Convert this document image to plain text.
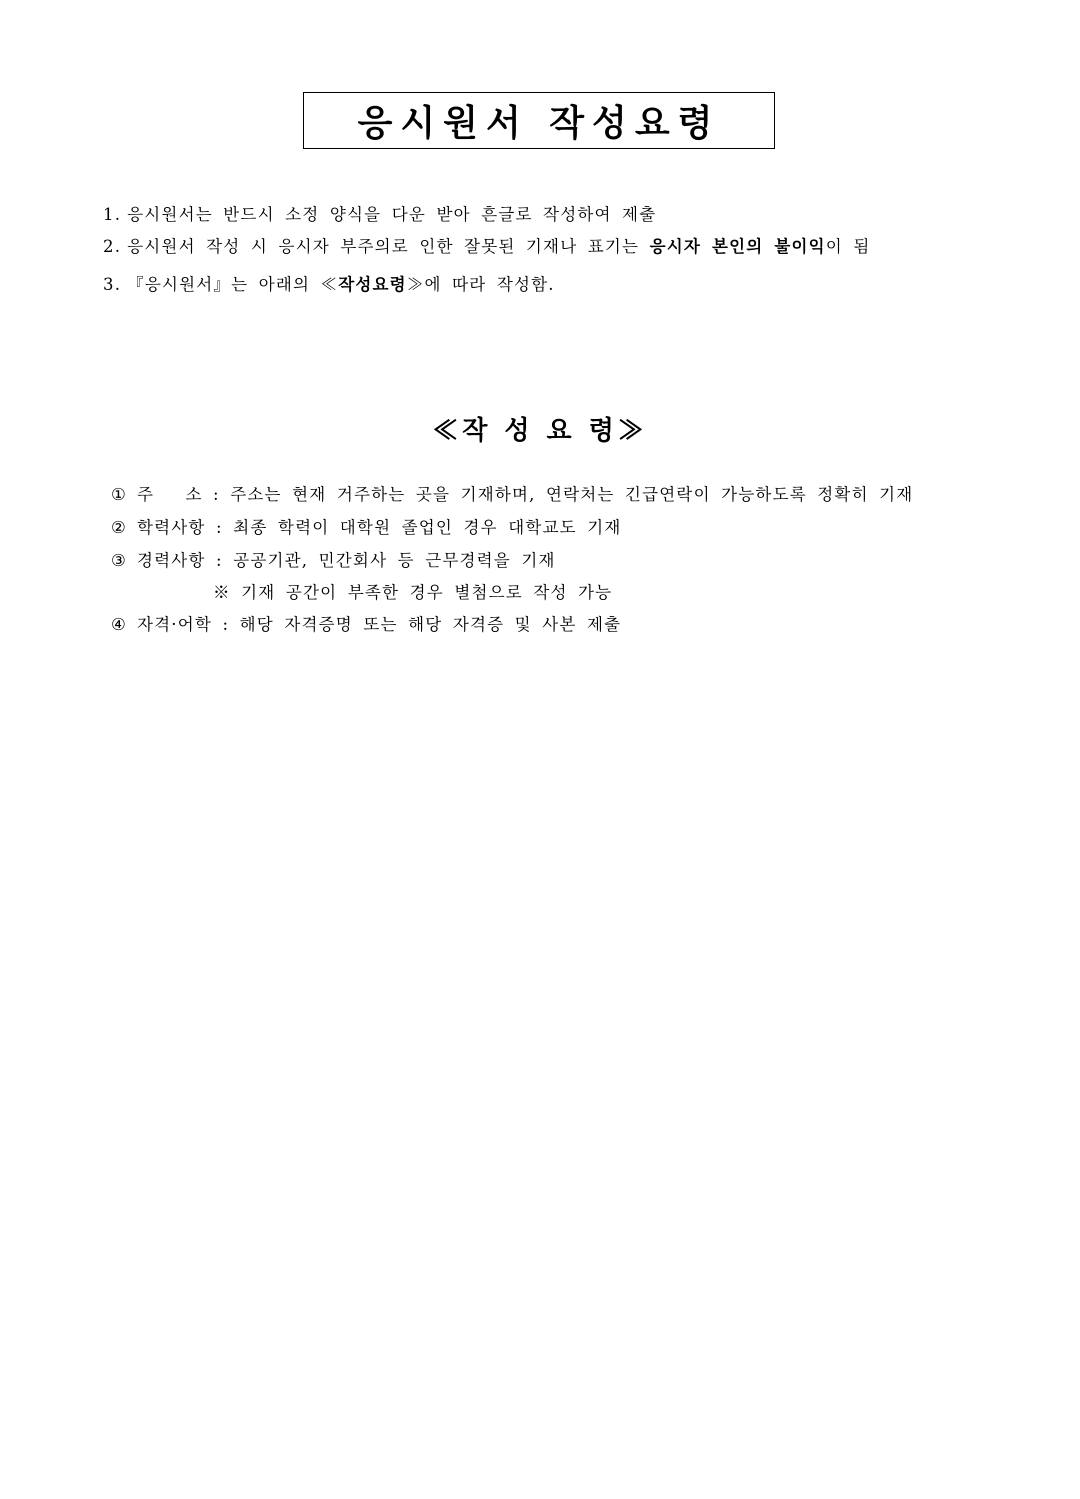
응시원서 작성요령
1. 응시원서는 반드시 소정 양식을 다운 받아 흔글로 작성하여 제출
2. 응시원서 작성 시 응시자 부주의로 인한 잘못된 기재나 표기는 응시자 본인의 불이익이 됨
3. 『응시원서』는 아래의 ≪작성요령≫에 따라 작성함.
≪작 성 요 령≫
① 주   소 : 주소는 현재 거주하는 곳을 기재하며, 연락처는 긴급연락이 가능하도록 정확히 기재
② 학력사항 : 최종 학력이 대학원 졸업인 경우 대학교도 기재
③ 경력사항 : 공공기관, 민간회사 등 근무경력을 기재
※ 기재 공간이 부족한 경우 별첨으로 작성 가능
④ 자격·어학 : 해당 자격증명 또는 해당 자격증 및 사본 제출
